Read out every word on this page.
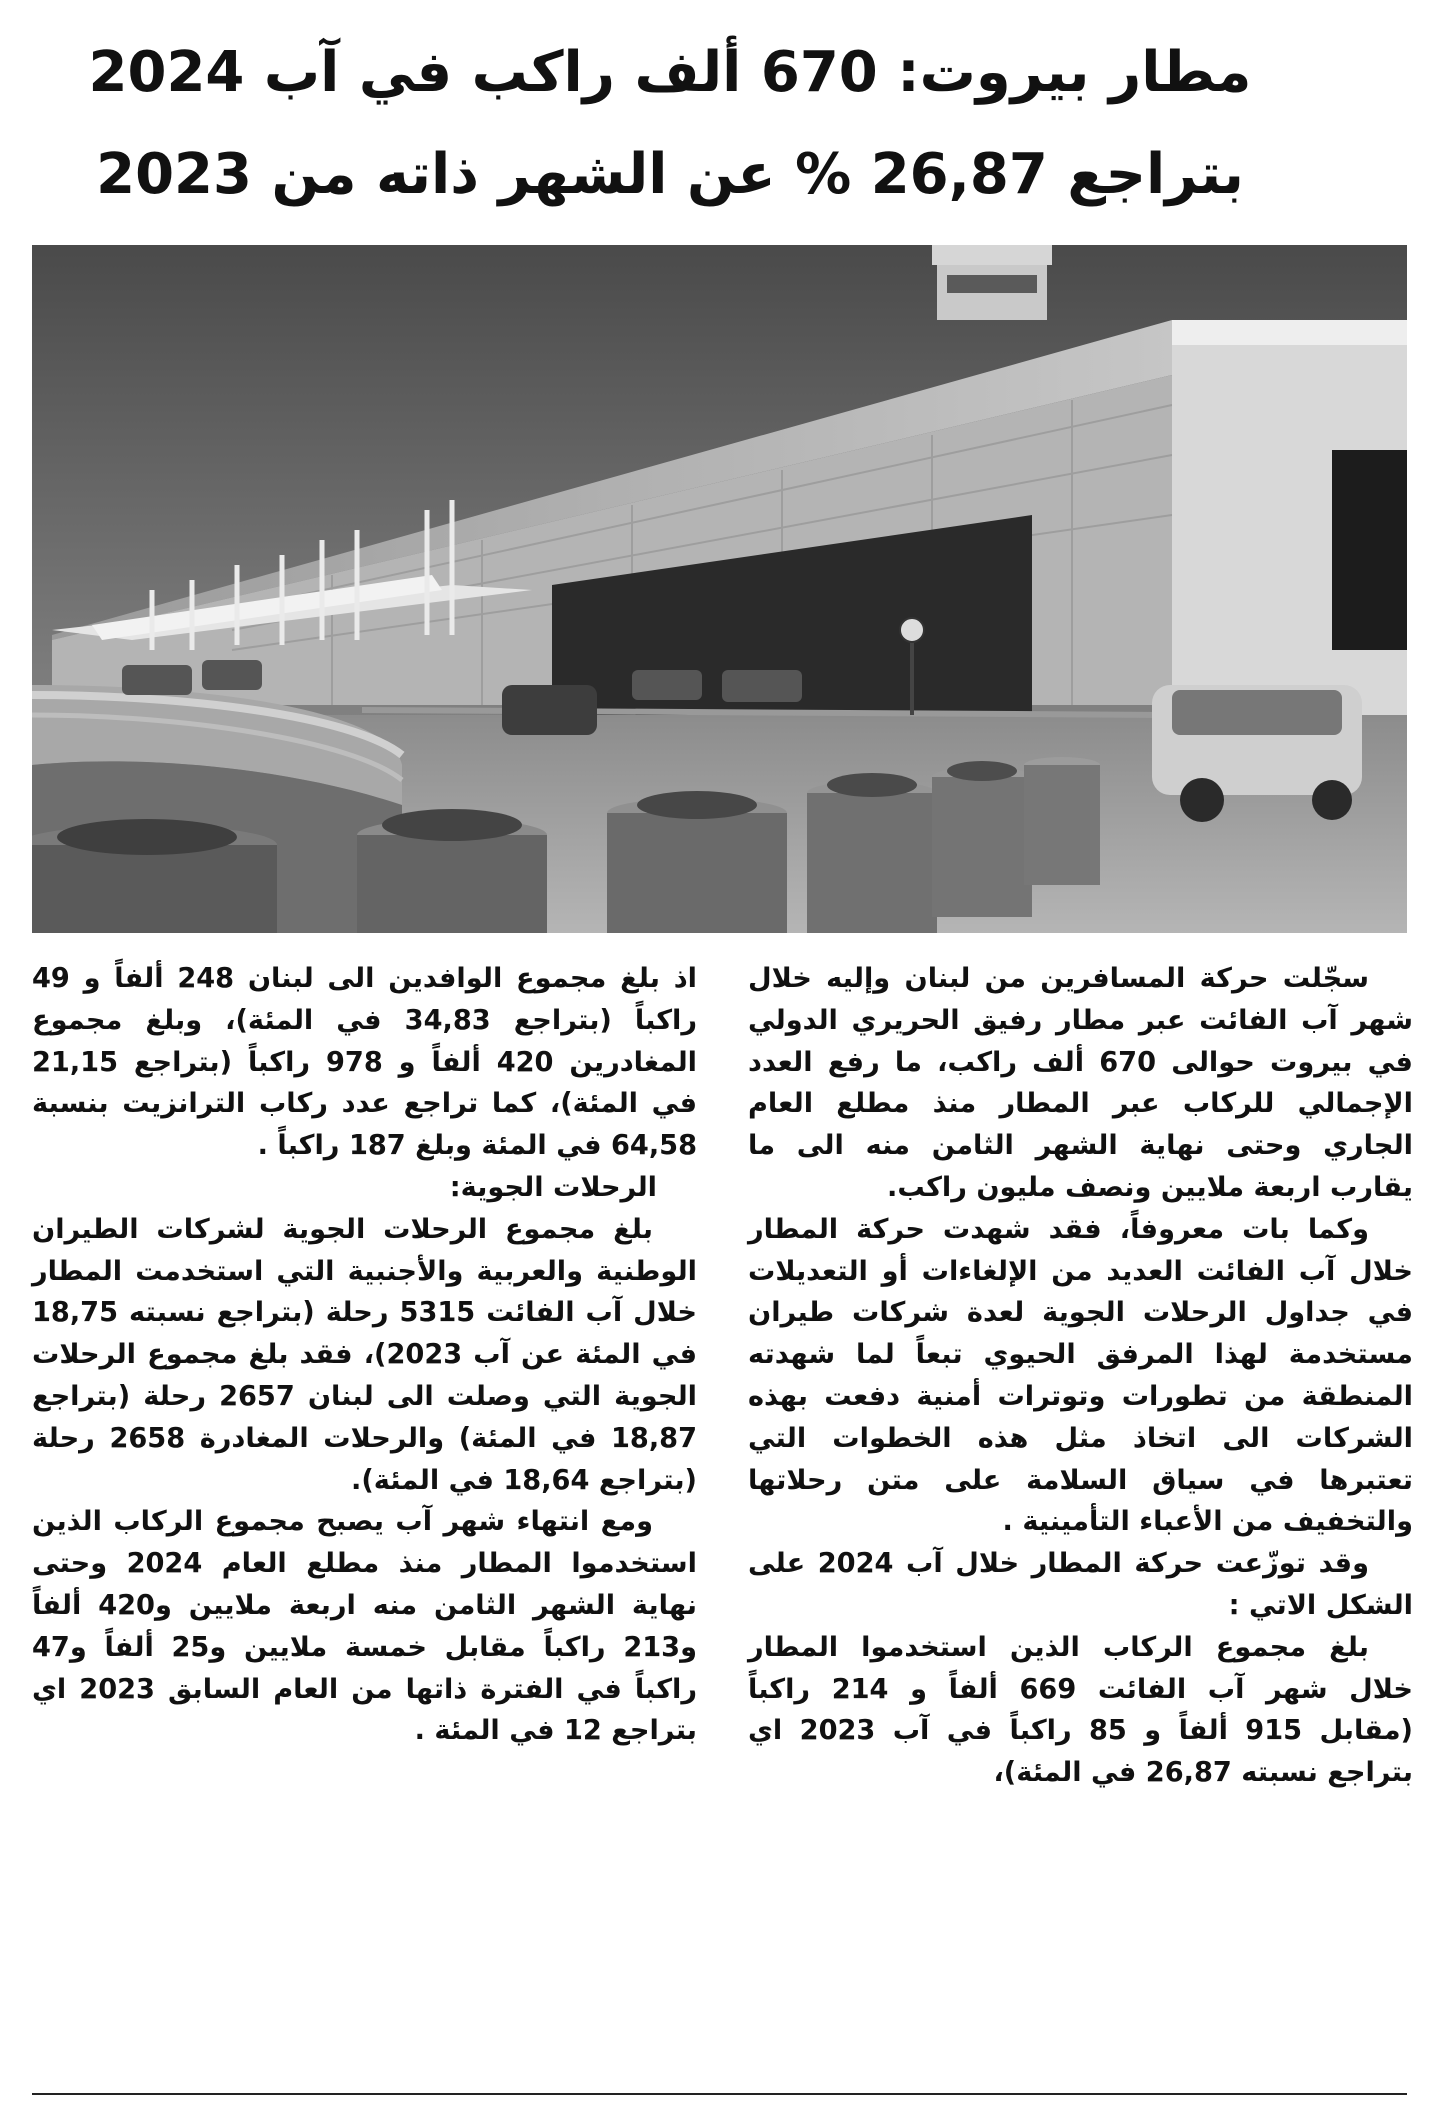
مطار بيروت: 670 ألف راكب في آب 2024
بتراجع 26,87 % عن الشهر ذاته من 2023

سجّلت حركة المسافرين من لبنان وإليه خلال شهر آب الفائت عبر مطار رفيق الحريري الدولي في بيروت حوالى 670 ألف راكب، ما رفع العدد الإجمالي للركاب عبر المطار منذ مطلع العام الجاري وحتى نهاية الشهر الثامن منه الى ما يقارب اربعة ملايين ونصف مليون راكب.

وكما بات معروفاً، فقد شهدت حركة المطار خلال آب الفائت العديد من الإلغاءات أو التعديلات في جداول الرحلات الجوية لعدة شركات طيران مستخدمة لهذا المرفق الحيوي تبعاً لما شهدته المنطقة من تطورات وتوترات أمنية دفعت بهذه الشركات الى اتخاذ مثل هذه الخطوات التي تعتبرها في سياق السلامة على متن رحلاتها والتخفيف من الأعباء التأمينية .

وقد توزّعت حركة المطار خلال آب 2024 على الشكل الاتي :

بلغ مجموع الركاب الذين استخدموا المطار خلال شهر آب الفائت 669 ألفاً و 214 راكباً (مقابل 915 ألفاً و 85 راكباً في آب 2023 اي بتراجع نسبته 26,87 في المئة)،

اذ بلغ مجموع الوافدين الى لبنان 248 ألفاً و 49 راكباً (بتراجع 34,83 في المئة)، وبلغ مجموع المغادرين 420 ألفاً و 978 راكباً (بتراجع 21,15 في المئة)، كما تراجع عدد ركاب الترانزيت بنسبة 64,58 في المئة وبلغ 187 راكباً .

الرحلات الجوية:

بلغ مجموع الرحلات الجوية لشركات الطيران الوطنية والعربية والأجنبية التي استخدمت المطار خلال آب الفائت 5315 رحلة (بتراجع نسبته 18,75 في المئة عن آب 2023)، فقد بلغ مجموع الرحلات الجوية التي وصلت الى لبنان 2657 رحلة (بتراجع 18,87 في المئة) والرحلات المغادرة 2658 رحلة (بتراجع 18,64 في المئة).

ومع انتهاء شهر آب يصبح مجموع الركاب الذين استخدموا المطار منذ مطلع العام 2024 وحتى نهاية الشهر الثامن منه اربعة ملايين و420 ألفاً و213 راكباً مقابل خمسة ملايين و25 ألفاً و47 راكباً في الفترة ذاتها من العام السابق 2023 اي بتراجع 12 في المئة .
